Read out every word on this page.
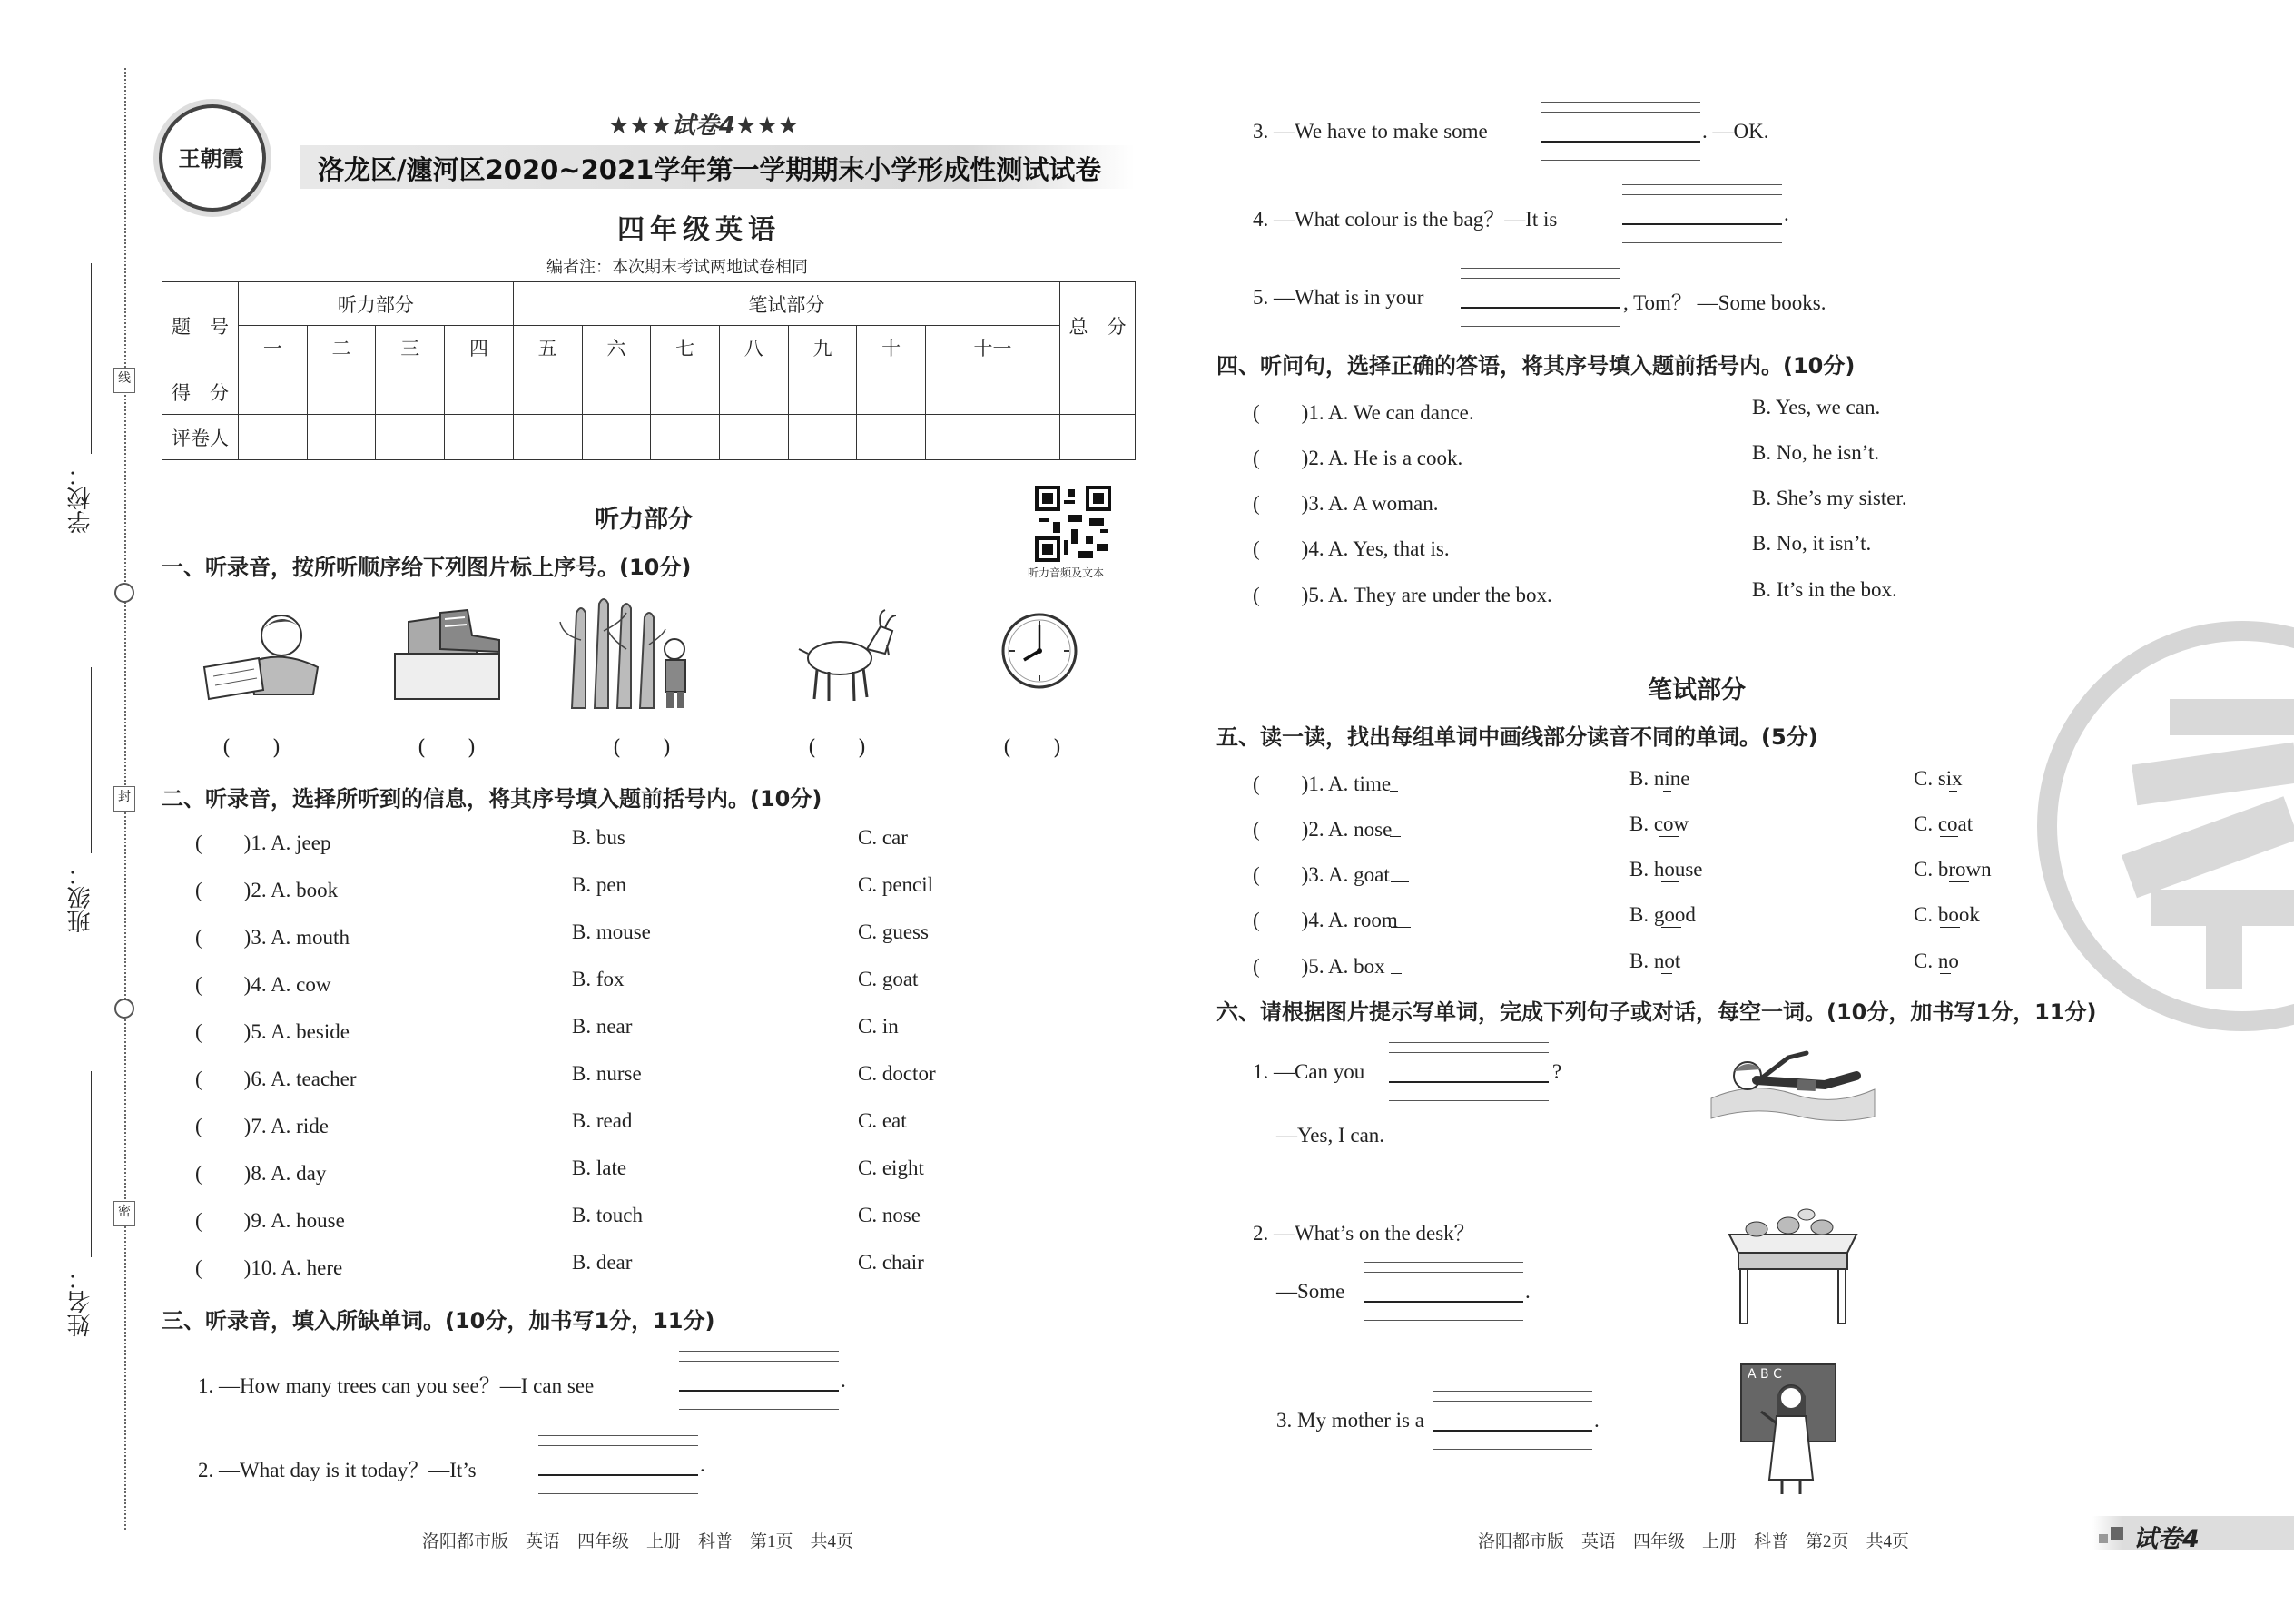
学校：
班级：
姓名：
线
封
密
王朝霞
★★★试卷4★★★
洛龙区/瀍河区2020~2021学年第一学期期末小学形成性测试试卷
四年级英语
编者注：本次期末考试两地试卷相同
题　号	听力部分				笔试部分							总　分
	一	二	三	四	五	六	七	八	九	十	十一	
得　分												
评卷人												
听力音频及文本
听力部分
一、听录音，按所听顺序给下列图片标上序号。(10分)
(　　)	(　　)	(　　)	(　　)	(　　)
二、听录音，选择所听到的信息，将其序号填入题前括号内。(10分)
(　　)1. A. jeep	B. bus	C. car
(　　)2. A. book	B. pen	C. pencil
(　　)3. A. mouth	B. mouse	C. guess
(　　)4. A. cow	B. fox	C. goat
(　　)5. A. beside	B. near	C. in
(　　)6. A. teacher	B. nurse	C. doctor
(　　)7. A. ride	B. read	C. eat
(　　)8. A. day	B. late	C. eight
(　　)9. A. house	B. touch	C. nose
(　　)10. A. here	B. dear	C. chair
三、听录音，填入所缺单词。(10分，加书写1分，11分)
1. —How many trees can you see？—I can see	.
2. —What day is it today？—It’s	.
洛阳都市版　英语　四年级　上册　科普　第1页　共4页
3. —We have to make some	. —OK.
4. —What colour is the bag？—It is	.
5. —What is in your	, Tom？ —Some books.
四、听问句，选择正确的答语，将其序号填入题前括号内。(10分)
(　　)1. A. We can dance.	B. Yes, we can.
(　　)2. A. He is a cook.	B. No, he isn’t.
(　　)3. A. A woman.	B. She’s my sister.
(　　)4. A. Yes, that is.	B. No, it isn’t.
(　　)5. A. They are under the box.	B. It’s in the box.
笔试部分
五、读一读，找出每组单词中画线部分读音不同的单词。(5分)
(　　)1. A. time	B. nine	C. six
(　　)2. A. nose	B. cow	C. coat
(　　)3. A. goat	B. house	C. brown
(　　)4. A. room	B. good	C. book
(　　)5. A. box	B. not	C. no
六、请根据图片提示写单词，完成下列句子或对话，每空一词。(10分，加书写1分，11分)
1. —Can you	?
—Yes, I can.
2. —What’s on the desk？
—Some	.
3. My mother is a	.
A B C
洛阳都市版　英语　四年级　上册　科普　第2页　共4页	试卷4
